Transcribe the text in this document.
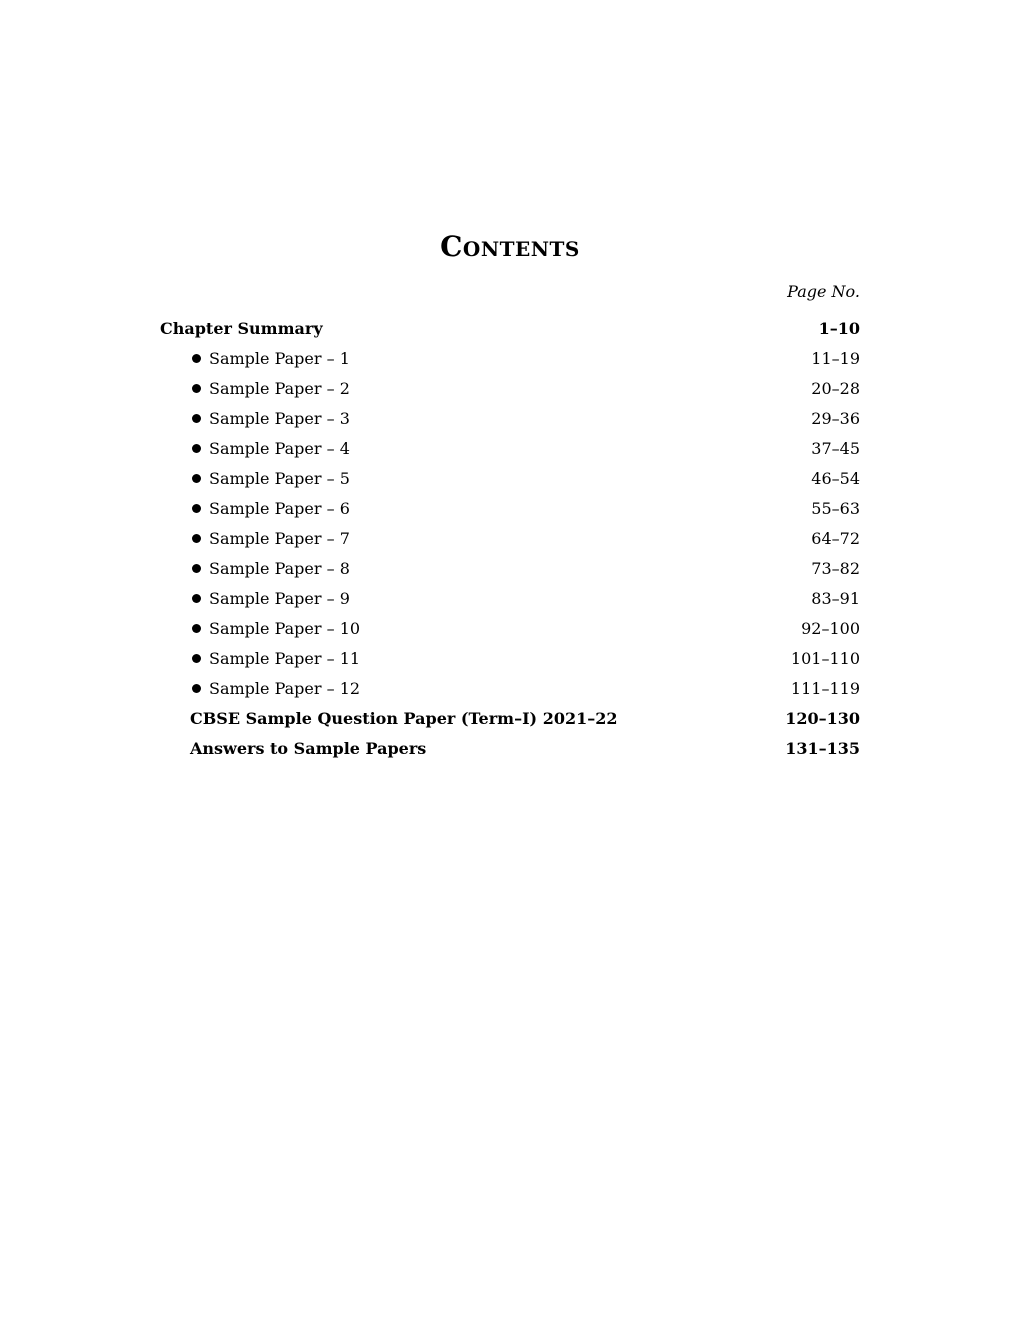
Contents
Page No.
Chapter Summary	1–10
Sample Paper – 1	11–19
Sample Paper – 2	20–28
Sample Paper – 3	29–36
Sample Paper – 4	37–45
Sample Paper – 5	46–54
Sample Paper – 6	55–63
Sample Paper – 7	64–72
Sample Paper – 8	73–82
Sample Paper – 9	83–91
Sample Paper – 10	92–100
Sample Paper – 11	101–110
Sample Paper – 12	111–119
CBSE Sample Question Paper (Term–I) 2021–22	120–130
Answers to Sample Papers	131–135
